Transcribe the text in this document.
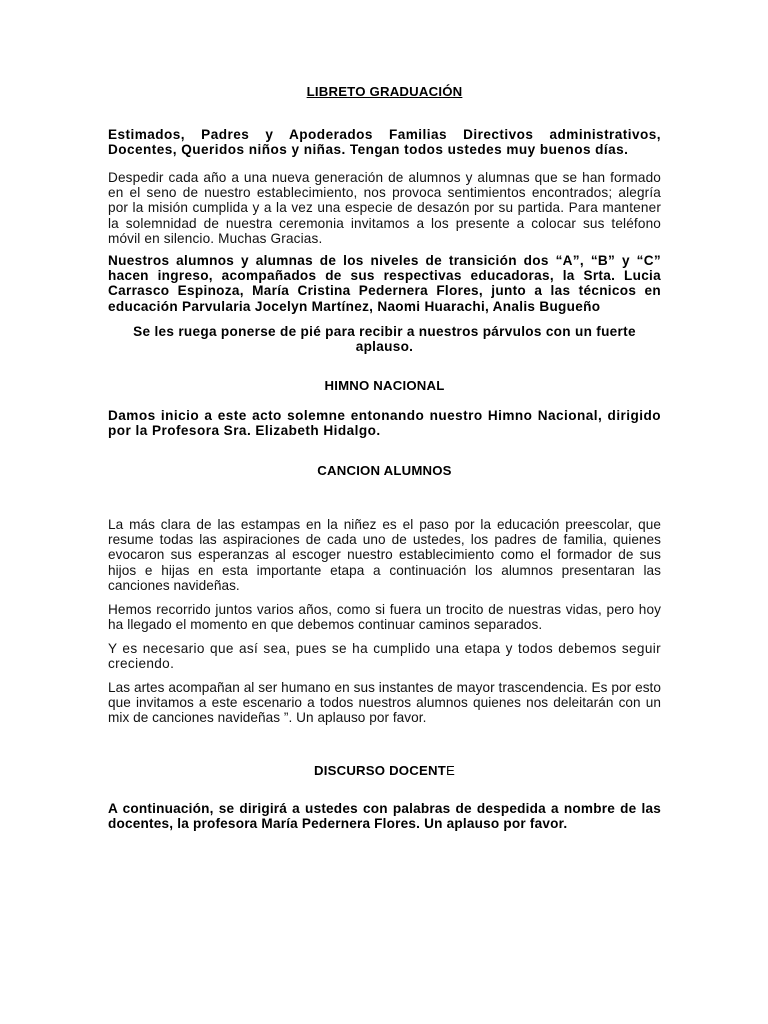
LIBRETO GRADUACIÓN
Estimados, Padres y Apoderados Familias Directivos administrativos, Docentes, Queridos niños y niñas. Tengan todos ustedes muy buenos días.
Despedir cada año a una nueva generación de alumnos y alumnas que se han formado en el seno de nuestro establecimiento, nos provoca sentimientos encontrados; alegría por la misión cumplida y a la vez una especie de desazón por su partida. Para mantener la solemnidad de nuestra ceremonia invitamos a los presente a colocar sus teléfono móvil en silencio. Muchas Gracias.
Nuestros alumnos y alumnas de los niveles de transición dos “A”, “B” y “C” hacen ingreso, acompañados de sus respectivas educadoras, la Srta. Lucia Carrasco Espinoza, María Cristina Pedernera Flores, junto a las técnicos en educación Parvularia Jocelyn Martínez, Naomi Huarachi, Analis Bugueño
Se les ruega ponerse de pié para recibir a nuestros párvulos con un fuerte aplauso.
HIMNO NACIONAL
Damos inicio a este acto solemne entonando nuestro Himno Nacional, dirigido por la Profesora Sra. Elizabeth Hidalgo.
CANCION ALUMNOS
La más clara de las estampas en la niñez es el paso por la educación preescolar, que resume todas las aspiraciones de cada uno de ustedes, los padres de familia, quienes evocaron sus esperanzas al escoger nuestro establecimiento como el formador de sus hijos e hijas en esta importante etapa a continuación los alumnos presentaran las canciones navideñas.
Hemos recorrido juntos varios años, como si fuera un trocito de nuestras vidas, pero hoy ha llegado el momento en que debemos continuar caminos separados.
Y es necesario que así sea, pues se ha cumplido una etapa y todos debemos seguir creciendo.
Las artes acompañan al ser humano en sus instantes de mayor trascendencia. Es por esto que invitamos a este escenario a todos nuestros alumnos quienes nos deleitarán con un mix de canciones navideñas ”. Un aplauso por favor.
DISCURSO DOCENTE
A continuación, se dirigirá a ustedes con palabras de despedida a nombre de las docentes, la profesora María Pedernera Flores. Un aplauso por favor.
